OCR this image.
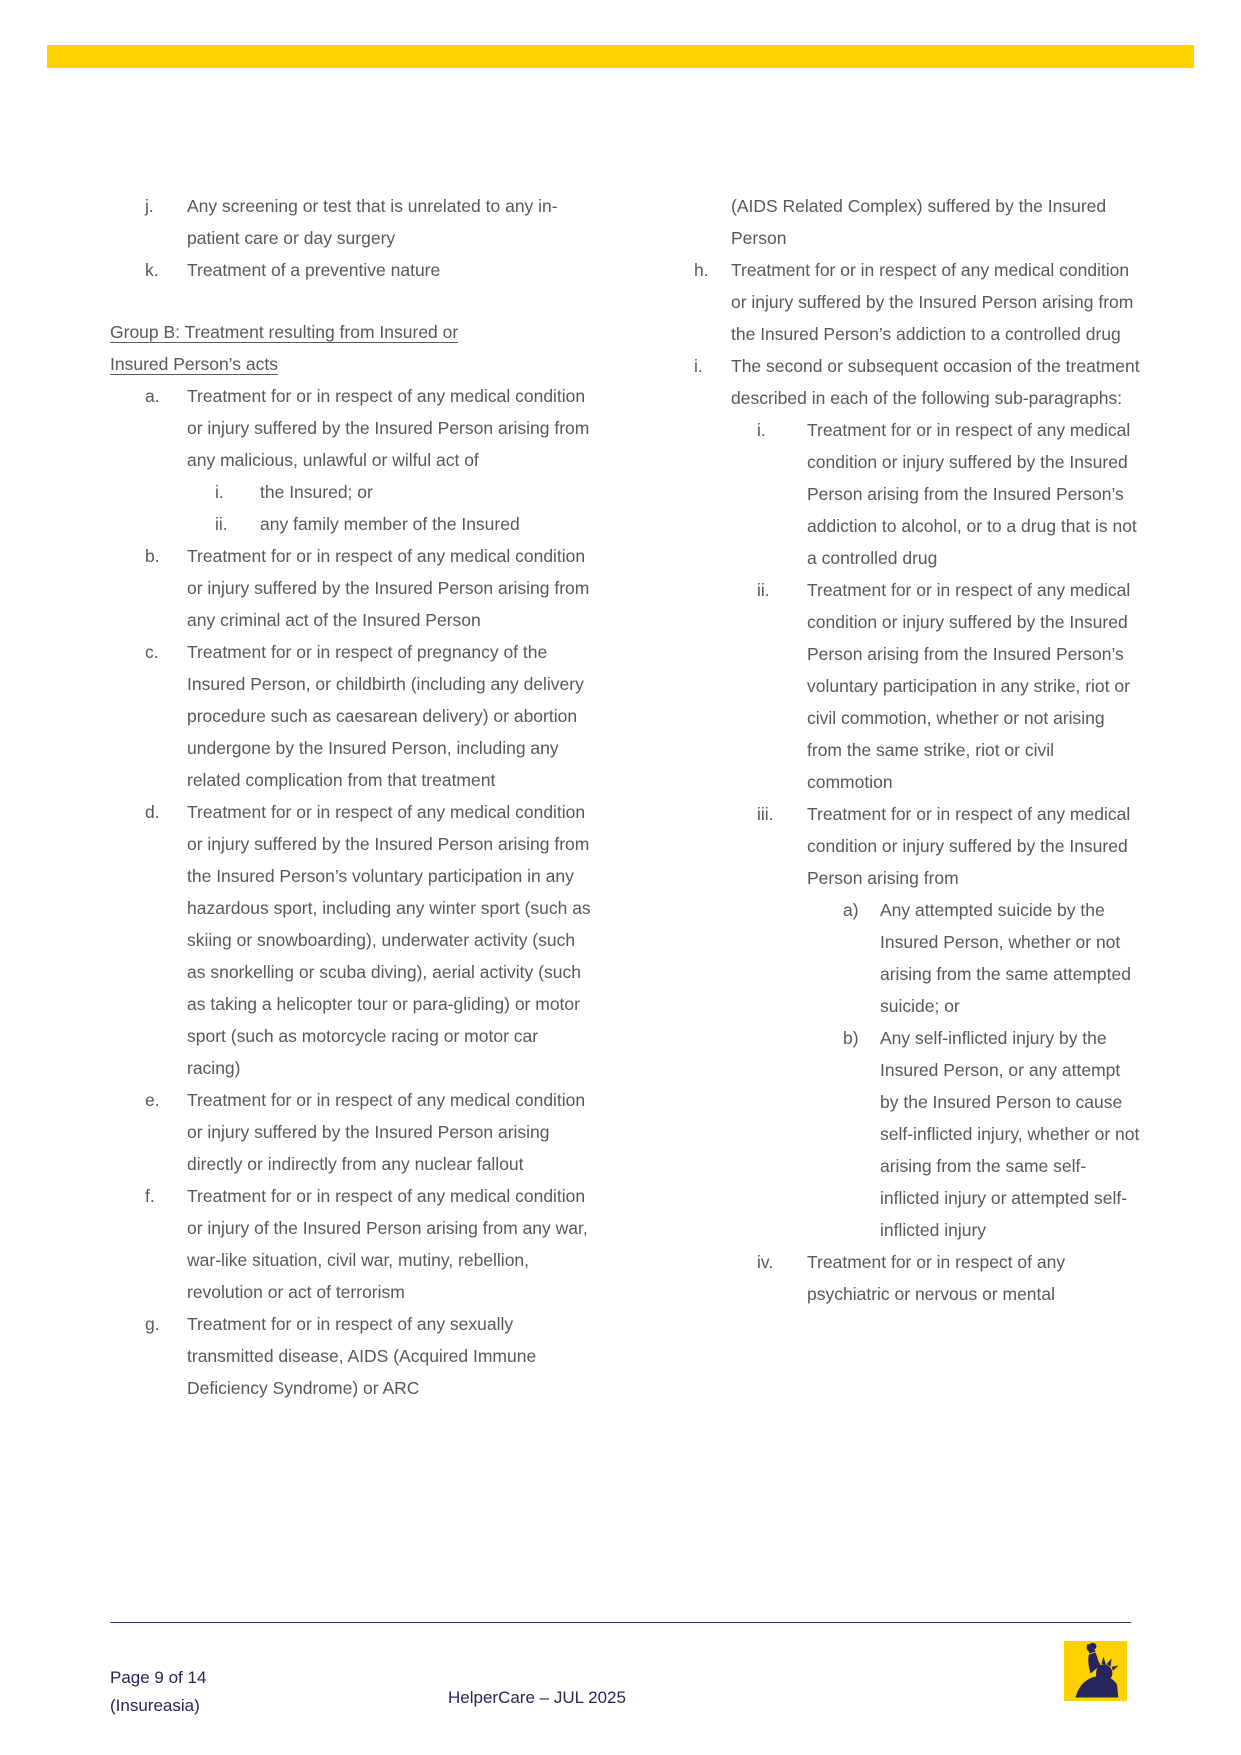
j.	Any screening or test that is unrelated to any in-patient care or day surgery
k.	Treatment of a preventive nature
Group B: Treatment resulting from Insured or
Insured Person’s acts
a.	Treatment for or in respect of any medical condition or injury suffered by the Insured Person arising from any malicious, unlawful or wilful act of
i.	the Insured; or
ii.	any family member of the Insured
b.	Treatment for or in respect of any medical condition or injury suffered by the Insured Person arising from any criminal act of the Insured Person
c.	Treatment for or in respect of pregnancy of the Insured Person, or childbirth (including any delivery procedure such as caesarean delivery) or abortion undergone by the Insured Person, including any related complication from that treatment
d.	Treatment for or in respect of any medical condition or injury suffered by the Insured Person arising from the Insured Person’s voluntary participation in any hazardous sport, including any winter sport (such as skiing or snowboarding), underwater activity (such as snorkelling or scuba diving), aerial activity (such as taking a helicopter tour or para-gliding) or motor sport (such as motorcycle racing or motor car racing)
e.	Treatment for or in respect of any medical condition or injury suffered by the Insured Person arising directly or indirectly from any nuclear fallout
f.	Treatment for or in respect of any medical condition or injury of the Insured Person arising from any war, war-like situation, civil war, mutiny, rebellion, revolution or act of terrorism
g.	Treatment for or in respect of any sexually transmitted disease, AIDS (Acquired Immune Deficiency Syndrome) or ARC
(AIDS Related Complex) suffered by the Insured Person
h.	Treatment for or in respect of any medical condition or injury suffered by the Insured Person arising from the Insured Person’s addiction to a controlled drug
i.	The second or subsequent occasion of the treatment described in each of the following sub-paragraphs:
i.	Treatment for or in respect of any medical condition or injury suffered by the Insured Person arising from the Insured Person’s addiction to alcohol, or to a drug that is not a controlled drug
ii.	Treatment for or in respect of any medical condition or injury suffered by the Insured Person arising from the Insured Person’s voluntary participation in any strike, riot or civil commotion, whether or not arising from the same strike, riot or civil commotion
iii.	Treatment for or in respect of any medical condition or injury suffered by the Insured Person arising from
a)	Any attempted suicide by the Insured Person, whether or not arising from the same attempted suicide; or
b)	Any self-inflicted injury by the Insured Person, or any attempt by the Insured Person to cause self-inflicted injury, whether or not arising from the same self-inflicted injury or attempted self-inflicted injury
iv.	Treatment for or in respect of any psychiatric or nervous or mental
Page 9 of 14
(Insureasia)	HelperCare – JUL 2025
